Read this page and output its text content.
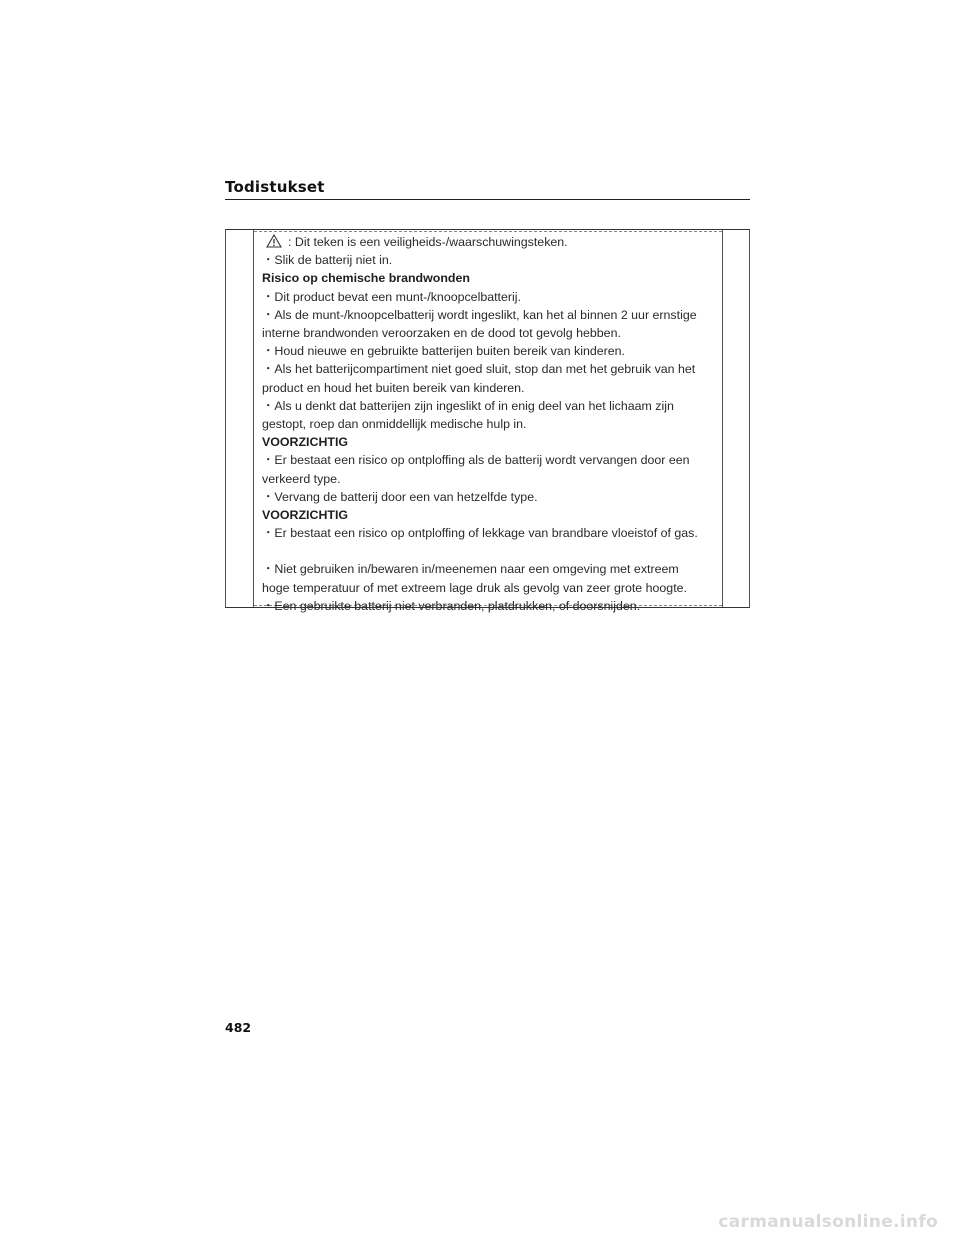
Todistukset
: Dit teken is een veiligheids-/waarschuwingsteken.
・Slik de batterij niet in.
Risico op chemische brandwonden
・Dit product bevat een munt-/knoopcelbatterij.
・Als de munt-/knoopcelbatterij wordt ingeslikt, kan het al binnen 2 uur ernstige
interne brandwonden veroorzaken en de dood tot gevolg hebben.
・Houd nieuwe en gebruikte batterijen buiten bereik van kinderen.
・Als het batterijcompartiment niet goed sluit, stop dan met het gebruik van het
product en houd het buiten bereik van kinderen.
・Als u denkt dat batterijen zijn ingeslikt of in enig deel van het lichaam zijn
gestopt, roep dan onmiddellijk medische hulp in.
VOORZICHTIG
・Er bestaat een risico op ontploffing als de batterij wordt vervangen door een
verkeerd type.
・Vervang de batterij door een van hetzelfde type.
VOORZICHTIG
・Er bestaat een risico op ontploffing of lekkage van brandbare vloeistof of gas.
・Niet gebruiken in/bewaren in/meenemen naar een omgeving met extreem
hoge temperatuur of met extreem lage druk als gevolg van zeer grote hoogte.
・Een gebruikte batterij niet verbranden, platdrukken, of doorsnijden.
482
carmanualsonline.info
